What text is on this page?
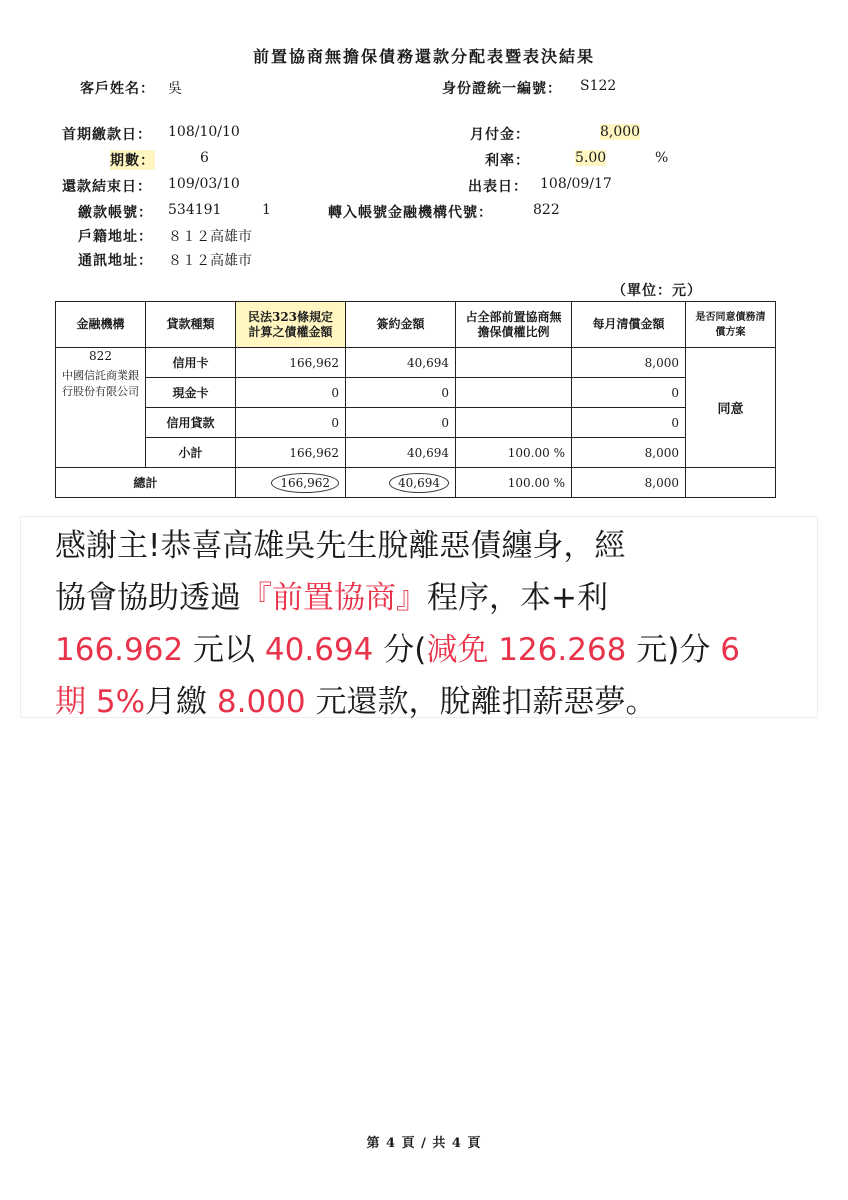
前置協商無擔保債務還款分配表暨表決結果
客戶姓名： 吳	身份證統一編號： S122
首期繳款日： 108/10/10	月付金：	8,000
期數：	6	利率：	5.00	%
還款結束日： 109/03/10	出表日： 108/09/17
繳款帳號： 534191	1	轉入帳號金融機構代號：	822
戶籍地址： ８１２高雄市
通訊地址： ８１２高雄市
（單位：元）
金融機構	貸款種類	民法323條規定計算之債權金額	簽約金額	占全部前置協商無擔保債權比例	每月清償金額	是否同意債務清償方案

822
中國信託商業銀行股份有限公司	信用卡	166,962	40,694		8,000	同意
	現金卡	0	0		0	
	信用貸款	0	0		0	
	小計	166,962	40,694	100.00 %	8,000	
總計		166,962	40,694	100.00 %	8,000	
感謝主!恭喜高雄吳先生脫離惡債纏身，經
協會協助透過『前置協商』程序，本+利
166.962 元以 40.694 分(減免 126.268 元)分 6
期 5%月繳 8.000 元還款，脫離扣薪惡夢。
第 4 頁 / 共 4 頁
